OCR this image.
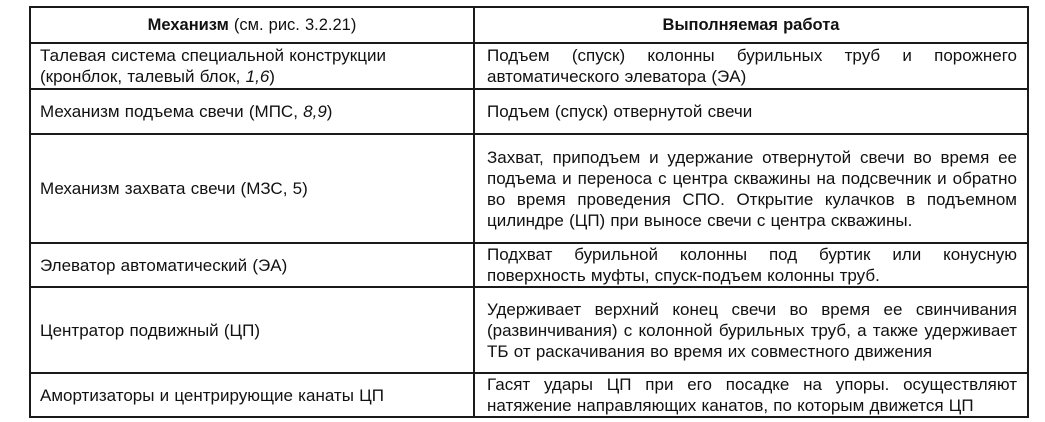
Механизм (см. рис. 3.2.21)	Выполняемая работа
Талевая система специальной конструкции (кронблок, талевый блок, 1,6)	Подъем (спуск) колонны бурильных труб и порожнего автоматического элеватора (ЭА)
Механизм подъема свечи (МПС, 8,9)	Подъем (спуск) отвернутой свечи
Механизм захвата свечи (МЗС, 5)	Захват, приподъем и удержание отвернутой свечи во время ее подъема и переноса с центра скважины на подсвечник и обратно во время проведения СПО. Открытие кулачков в подъемном цилиндре (ЦП) при выносе свечи с центра скважины.
Элеватор автоматический (ЭА)	Подхват бурильной колонны под буртик или конусную поверхность муфты, спуск-подъем колонны труб.
Центратор подвижный (ЦП)	Удерживает верхний конец свечи во время ее свинчивания (развинчивания) с колонной бурильных труб, а также удерживает ТБ от раскачивания во время их совместного движения
Амортизаторы и центрирующие канаты ЦП	Гасят удары ЦП при его посадке на упоры. осуществляют натяжение направляющих канатов, по которым движется ЦП
